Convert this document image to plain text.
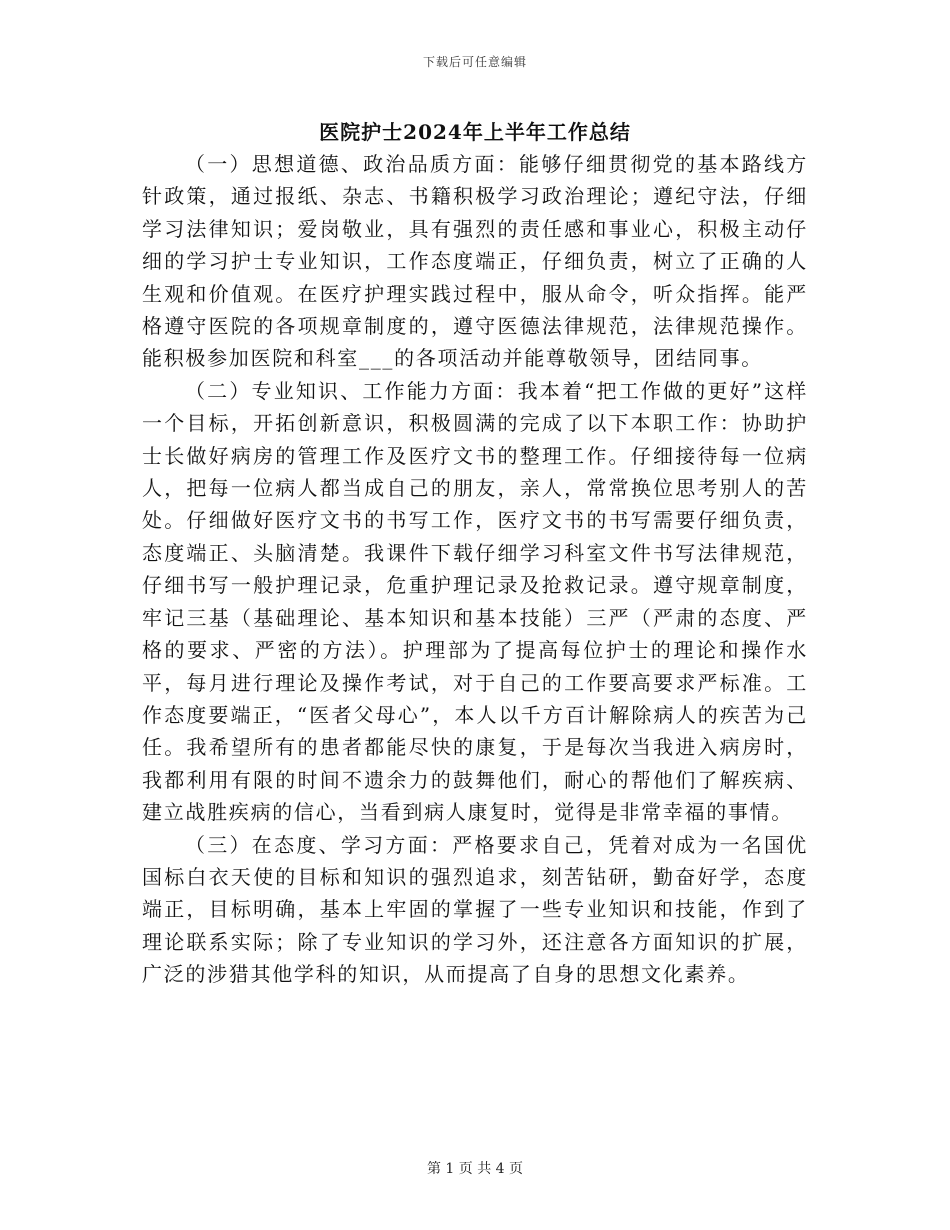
下载后可任意编辑
医院护士2024年上半年工作总结

（一）思想道德、政治品质方面：能够仔细贯彻党的基本路线方针政策，通过报纸、杂志、书籍积极学习政治理论；遵纪守法，仔细学习法律知识；爱岗敬业，具有强烈的责任感和事业心，积极主动仔细的学习护士专业知识，工作态度端正，仔细负责，树立了正确的人生观和价值观。在医疗护理实践过程中，服从命令，听众指挥。能严格遵守医院的各项规章制度的，遵守医德法律规范，法律规范操作。能积极参加医院和科室___的各项活动并能尊敬领导，团结同事。

（二）专业知识、工作能力方面：我本着“把工作做的更好”这样一个目标，开拓创新意识，积极圆满的完成了以下本职工作：协助护士长做好病房的管理工作及医疗文书的整理工作。仔细接待每一位病人，把每一位病人都当成自己的朋友，亲人，常常换位思考别人的苦处。仔细做好医疗文书的书写工作，医疗文书的书写需要仔细负责，态度端正、头脑清楚。我课件下载仔细学习科室文件书写法律规范，仔细书写一般护理记录，危重护理记录及抢救记录。遵守规章制度，牢记三基（基础理论、基本知识和基本技能）三严（严肃的态度、严格的要求、严密的方法）。护理部为了提高每位护士的理论和操作水平，每月进行理论及操作考试，对于自己的工作要高要求严标准。工作态度要端正，“医者父母心”，本人以千方百计解除病人的疾苦为己任。我希望所有的患者都能尽快的康复，于是每次当我进入病房时，我都利用有限的时间不遗余力的鼓舞他们，耐心的帮他们了解疾病、建立战胜疾病的信心，当看到病人康复时，觉得是非常幸福的事情。

（三）在态度、学习方面：严格要求自己，凭着对成为一名国优国标白衣天使的目标和知识的强烈追求，刻苦钻研，勤奋好学，态度端正，目标明确，基本上牢固的掌握了一些专业知识和技能，作到了理论联系实际；除了专业知识的学习外，还注意各方面知识的扩展，广泛的涉猎其他学科的知识，从而提高了自身的思想文化素养。

第 1 页 共 4 页
